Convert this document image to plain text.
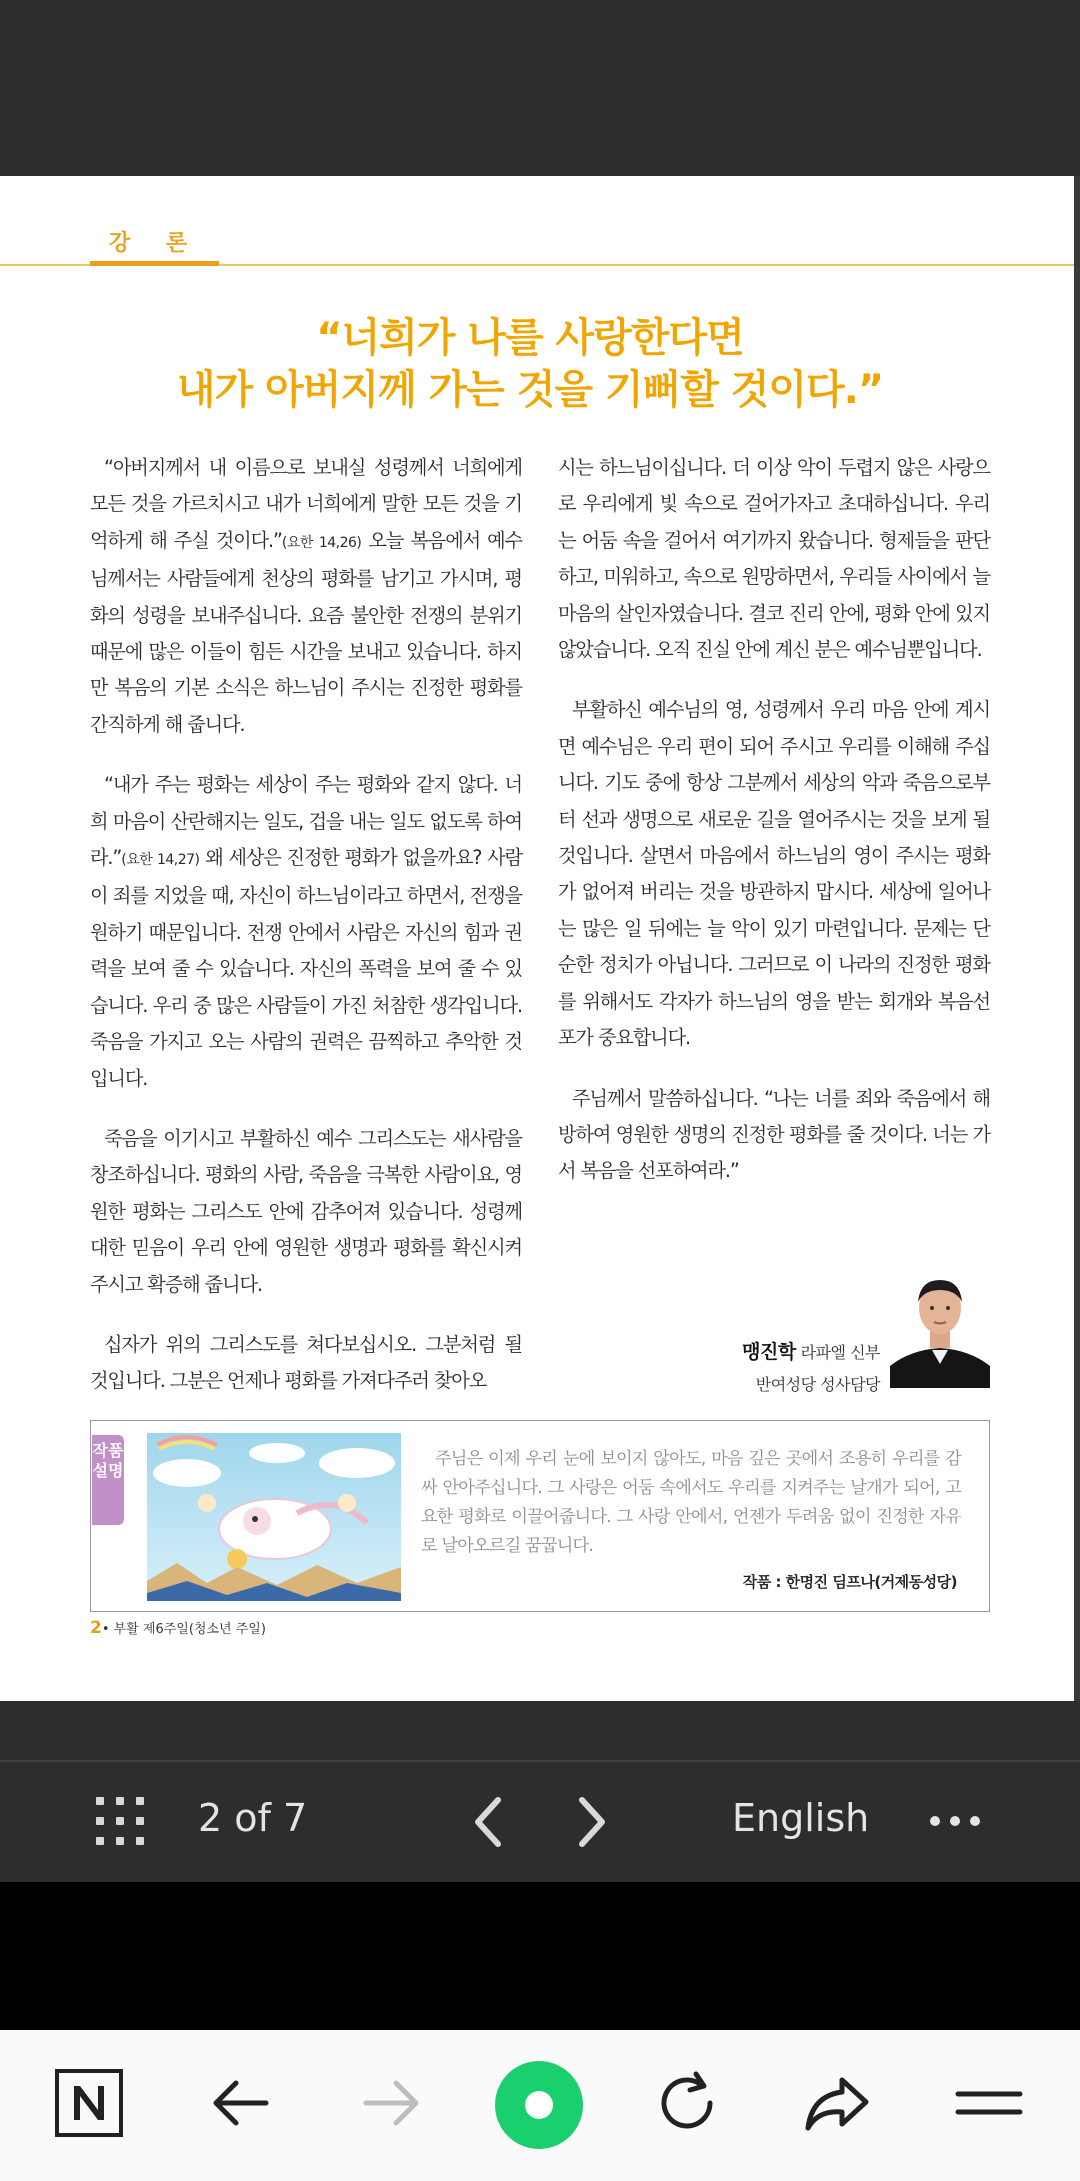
강 론
“너희가 나를 사랑한다면
내가 아버지께 가는 것을 기뻐할 것이다.”

“아버지께서 내 이름으로 보내실 성령께서 너희에게 모든 것을 가르치시고 내가 너희에게 말한 모든 것을 기억하게 해 주실 것이다.”(요한 14,26) 오늘 복음에서 예수님께서는 사람들에게 천상의 평화를 남기고 가시며, 평화의 성령을 보내주십니다. 요즘 불안한 전쟁의 분위기 때문에 많은 이들이 힘든 시간을 보내고 있습니다. 하지만 복음의 기본 소식은 하느님이 주시는 진정한 평화를 간직하게 해 줍니다.

“내가 주는 평화는 세상이 주는 평화와 같지 않다. 너희 마음이 산란해지는 일도, 겁을 내는 일도 없도록 하여라.”(요한 14,27) 왜 세상은 진정한 평화가 없을까요? 사람이 죄를 지었을 때, 자신이 하느님이라고 하면서, 전쟁을 원하기 때문입니다. 전쟁 안에서 사람은 자신의 힘과 권력을 보여 줄 수 있습니다. 자신의 폭력을 보여 줄 수 있습니다. 우리 중 많은 사람들이 가진 처참한 생각입니다. 죽음을 가지고 오는 사람의 권력은 끔찍하고 추악한 것입니다.

죽음을 이기시고 부활하신 예수 그리스도는 새사람을 창조하십니다. 평화의 사람, 죽음을 극복한 사람이요, 영원한 평화는 그리스도 안에 감추어져 있습니다. 성령께 대한 믿음이 우리 안에 영원한 생명과 평화를 확신시켜 주시고 확증해 줍니다.

십자가 위의 그리스도를 쳐다보십시오. 그분처럼 될 것입니다. 그분은 언제나 평화를 가져다주러 찾아오

시는 하느님이십니다. 더 이상 악이 두렵지 않은 사랑으로 우리에게 빛 속으로 걸어가자고 초대하십니다. 우리는 어둠 속을 걸어서 여기까지 왔습니다. 형제들을 판단하고, 미워하고, 속으로 원망하면서, 우리들 사이에서 늘 마음의 살인자였습니다. 결코 진리 안에, 평화 안에 있지 않았습니다. 오직 진실 안에 계신 분은 예수님뿐입니다.

부활하신 예수님의 영, 성령께서 우리 마음 안에 계시면 예수님은 우리 편이 되어 주시고 우리를 이해해 주십니다. 기도 중에 항상 그분께서 세상의 악과 죽음으로부터 선과 생명으로 새로운 길을 열어주시는 것을 보게 될 것입니다. 살면서 마음에서 하느님의 영이 주시는 평화가 없어져 버리는 것을 방관하지 맙시다. 세상에 일어나는 많은 일 뒤에는 늘 악이 있기 마련입니다. 문제는 단순한 정치가 아닙니다. 그러므로 이 나라의 진정한 평화를 위해서도 각자가 하느님의 영을 받는 회개와 복음선포가 중요합니다.

주님께서 말씀하십니다. “나는 너를 죄와 죽음에서 해방하여 영원한 생명의 진정한 평화를 줄 것이다. 너는 가서 복음을 선포하여라.”

맹진학 라파엘 신부
반여성당 성사담당
작품
설명
주님은 이제 우리 눈에 보이지 않아도, 마음 깊은 곳에서 조용히 우리를 감싸 안아주십니다. 그 사랑은 어둠 속에서도 우리를 지켜주는 날개가 되어, 고요한 평화로 이끌어줍니다. 그 사랑 안에서, 언젠가 두려움 없이 진정한 자유로 날아오르길 꿈꿉니다.
작품 : 한명진 딤프나(거제동성당)
2• 부활 제6주일(청소년 주일)
2 of 7	English
